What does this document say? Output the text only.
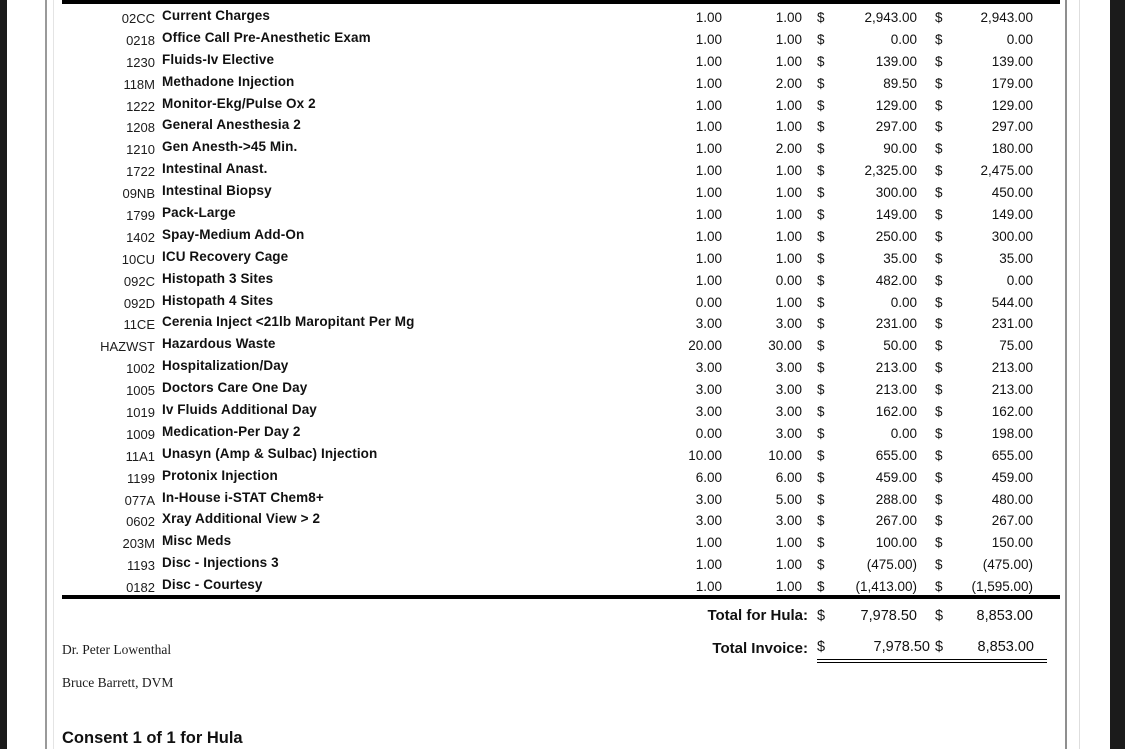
02CC Current Charges	1.00	1.00	$	2,943.00	$	2,943.00
0218 Office Call Pre-Anesthetic Exam	1.00	1.00	$	0.00	$	0.00
1230 Fluids-Iv Elective	1.00	1.00	$	139.00	$	139.00
118M Methadone Injection	1.00	2.00	$	89.50	$	179.00
1222 Monitor-Ekg/Pulse Ox 2	1.00	1.00	$	129.00	$	129.00
1208 General Anesthesia 2	1.00	1.00	$	297.00	$	297.00
1210 Gen Anesth->45 Min.	1.00	2.00	$	90.00	$	180.00
1722 Intestinal Anast.	1.00	1.00	$	2,325.00	$	2,475.00
09NB Intestinal Biopsy	1.00	1.00	$	300.00	$	450.00
1799 Pack-Large	1.00	1.00	$	149.00	$	149.00
1402 Spay-Medium Add-On	1.00	1.00	$	250.00	$	300.00
10CU ICU Recovery Cage	1.00	1.00	$	35.00	$	35.00
092C Histopath 3 Sites	1.00	0.00	$	482.00	$	0.00
092D Histopath 4 Sites	0.00	1.00	$	0.00	$	544.00
11CE Cerenia Inject <21lb Maropitant Per Mg	3.00	3.00	$	231.00	$	231.00
HAZWST Hazardous Waste	20.00	30.00	$	50.00	$	75.00
1002 Hospitalization/Day	3.00	3.00	$	213.00	$	213.00
1005 Doctors Care One Day	3.00	3.00	$	213.00	$	213.00
1019 Iv Fluids Additional Day	3.00	3.00	$	162.00	$	162.00
1009 Medication-Per Day 2	0.00	3.00	$	0.00	$	198.00
11A1 Unasyn (Amp & Sulbac) Injection	10.00	10.00	$	655.00	$	655.00
1199 Protonix Injection	6.00	6.00	$	459.00	$	459.00
077A In-House i-STAT Chem8+	3.00	5.00	$	288.00	$	480.00
0602 Xray Additional View > 2	3.00	3.00	$	267.00	$	267.00
203M Misc Meds	1.00	1.00	$	100.00	$	150.00
1193 Disc - Injections 3	1.00	1.00	$	(475.00)	$	(475.00)
0182 Disc - Courtesy	1.00	1.00	$	(1,413.00)	$	(1,595.00)
Total for Hula: $ 7,978.50 $ 8,853.00
Total Invoice: $	7,978.50 $ 8,853.00
Dr. Peter Lowenthal
Bruce Barrett, DVM
Consent 1 of 1 for Hula
